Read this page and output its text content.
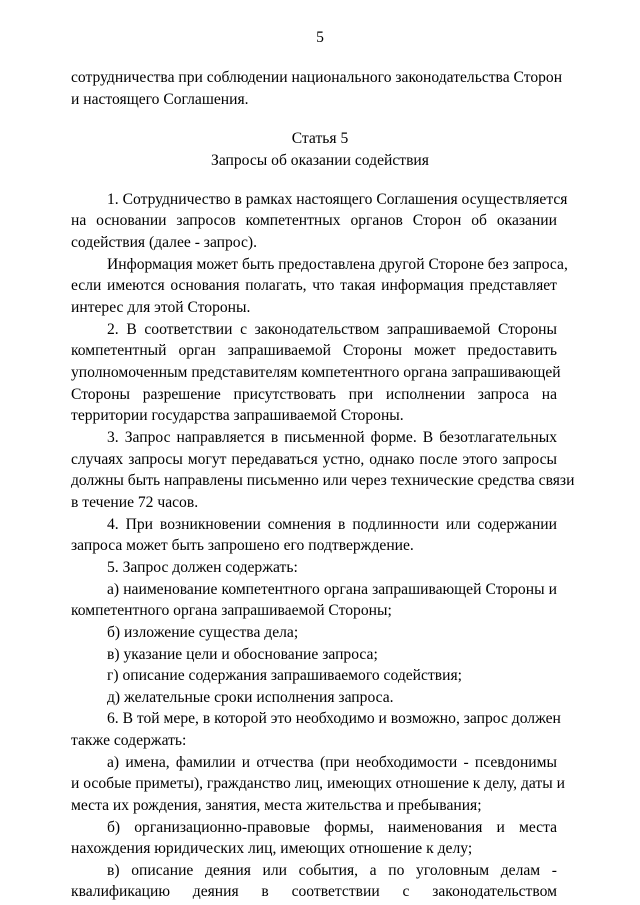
5
сотрудничества при соблюдении национального законодательства Сторон
и настоящего Соглашения.
Статья 5
Запросы об оказании содействия
1. Сотрудничество в рамках настоящего Соглашения осуществляется
на основании запросов компетентных органов Сторон об оказании
содействия (далее - запрос).
Информация может быть предоставлена другой Стороне без запроса,
если имеются основания полагать, что такая информация представляет
интерес для этой Стороны.
2. В соответствии с законодательством запрашиваемой Стороны
компетентный орган запрашиваемой Стороны может предоставить
уполномоченным представителям компетентного органа запрашивающей
Стороны разрешение присутствовать при исполнении запроса на
территории государства запрашиваемой Стороны.
3. Запрос направляется в письменной форме. В безотлагательных
случаях запросы могут передаваться устно, однако после этого запросы
должны быть направлены письменно или через технические средства связи
в течение 72 часов.
4. При возникновении сомнения в подлинности или содержании
запроса может быть запрошено его подтверждение.
5. Запрос должен содержать:
а) наименование компетентного органа запрашивающей Стороны и
компетентного органа запрашиваемой Стороны;
б) изложение существа дела;
в) указание цели и обоснование запроса;
г) описание содержания запрашиваемого содействия;
д) желательные сроки исполнения запроса.
6. В той мере, в которой это необходимо и возможно, запрос должен
также содержать:
а) имена, фамилии и отчества (при необходимости - псевдонимы
и особые приметы), гражданство лиц, имеющих отношение к делу, даты и
места их рождения, занятия, места жительства и пребывания;
б) организационно-правовые формы, наименования и места
нахождения юридических лиц, имеющих отношение к делу;
в) описание деяния или события, а по уголовным делам -
квалификацию деяния в соответствии с законодательством
